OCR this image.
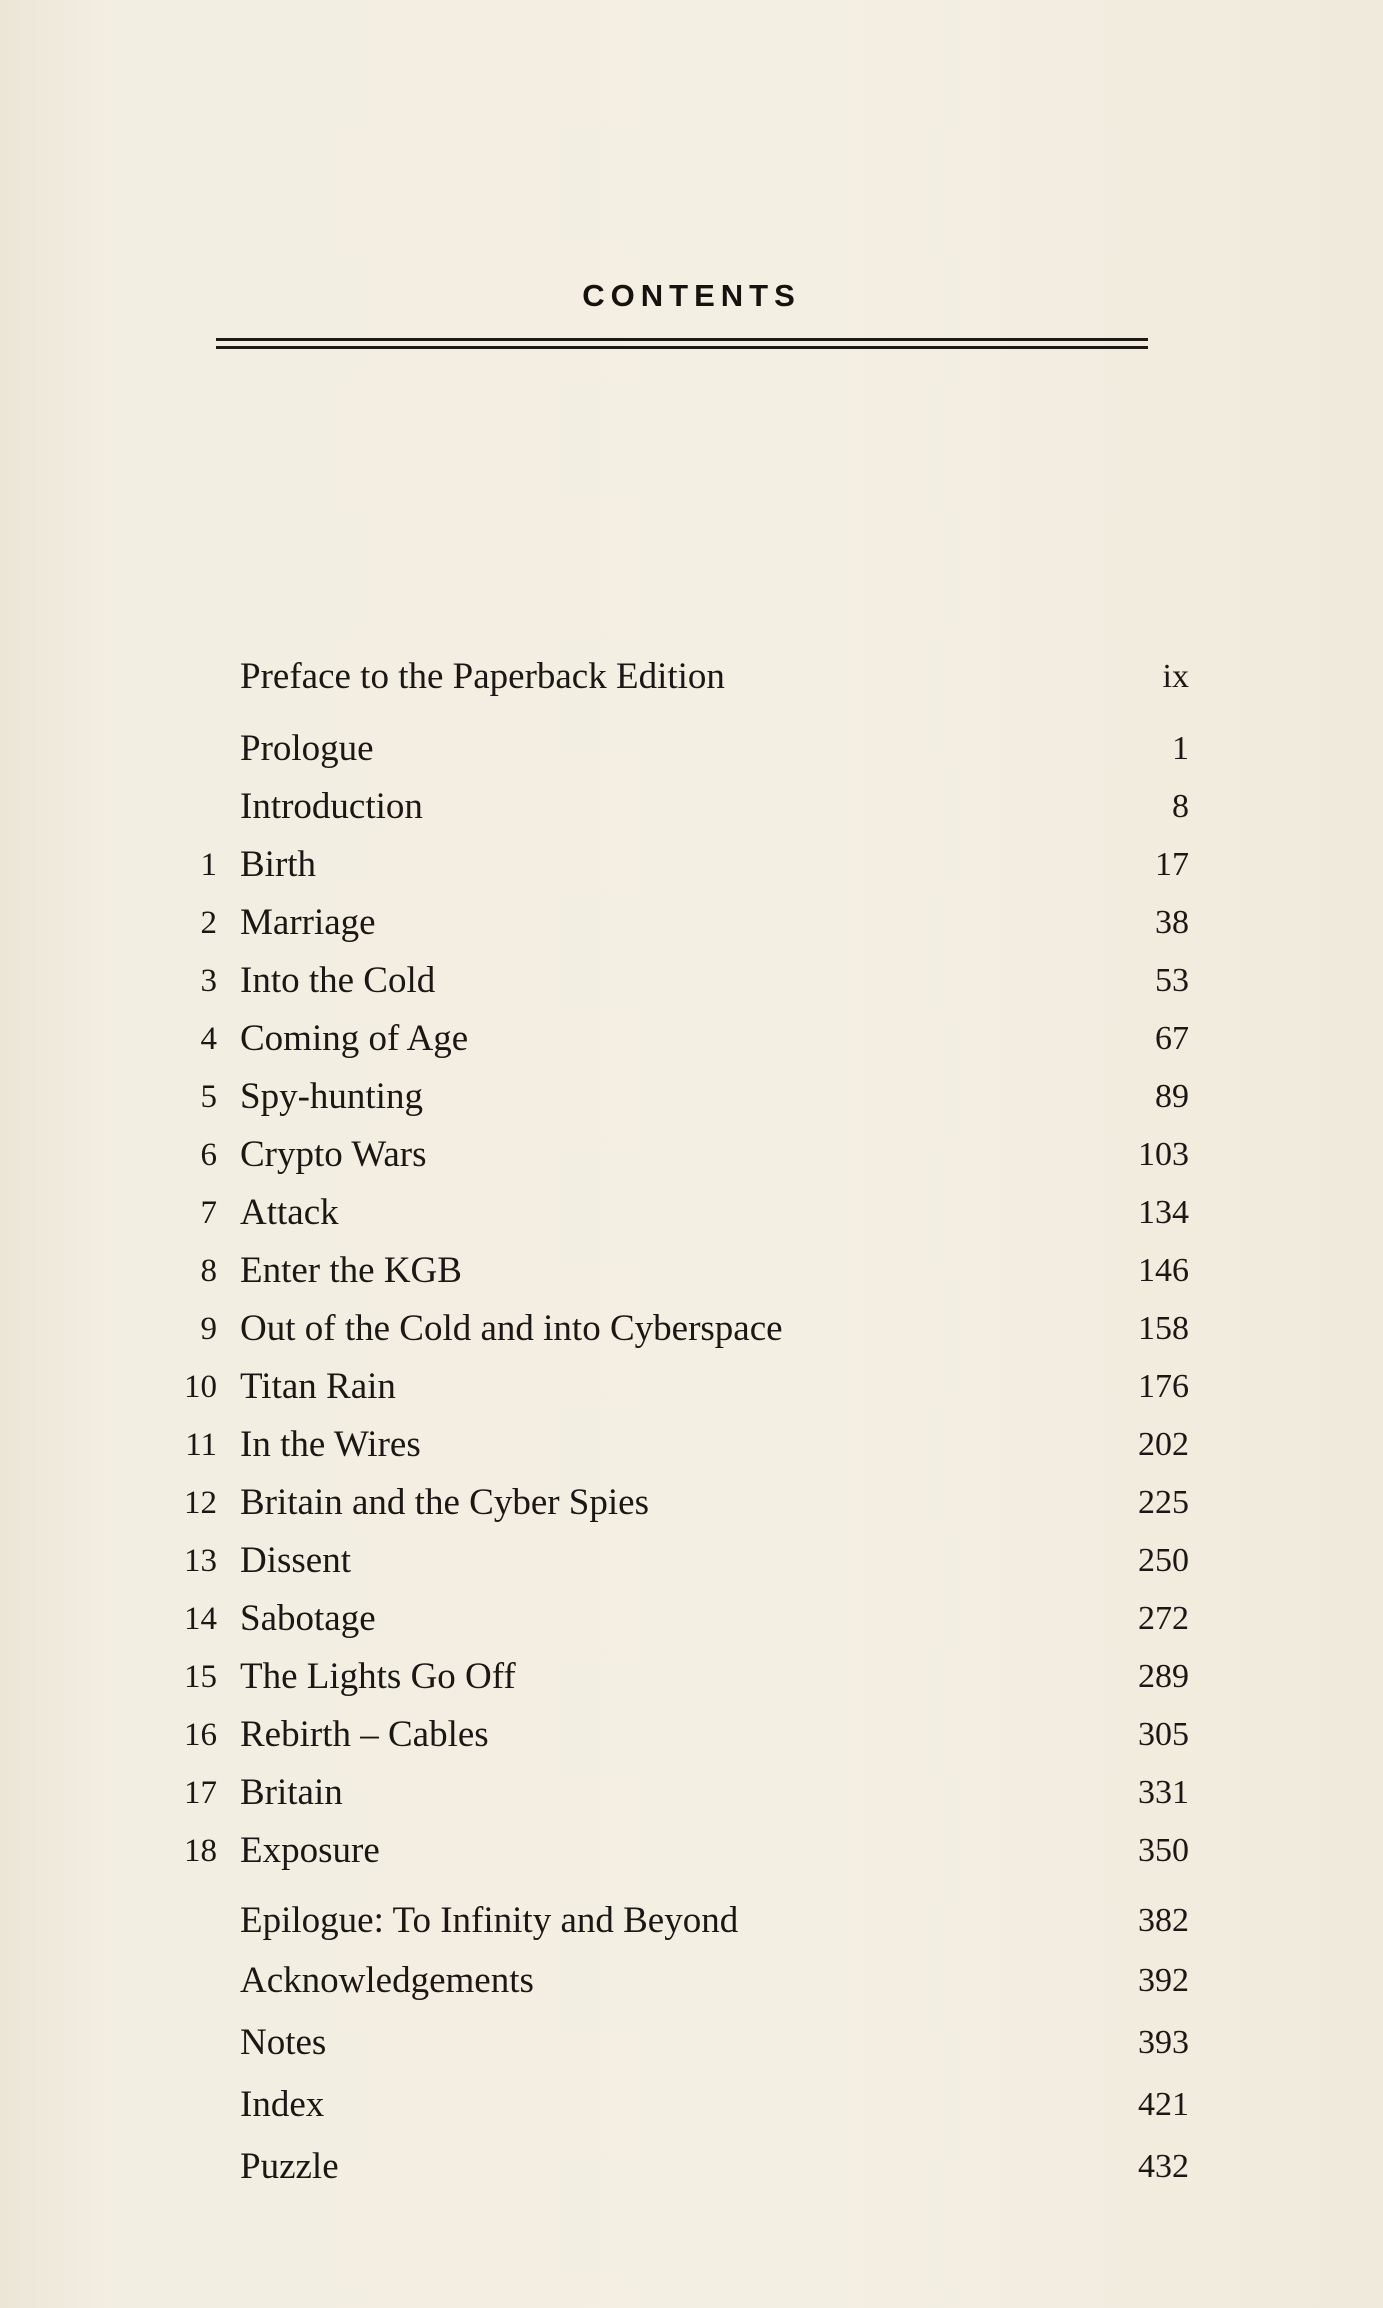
CONTENTS
Preface to the Paperback Edition	ix
Prologue	1
Introduction	8
1 Birth	17
2 Marriage	38
3 Into the Cold	53
4 Coming of Age	67
5 Spy-hunting	89
6 Crypto Wars	103
7 Attack	134
8 Enter the KGB	146
9 Out of the Cold and into Cyberspace	158
10 Titan Rain	176
11 In the Wires	202
12 Britain and the Cyber Spies	225
13 Dissent	250
14 Sabotage	272
15 The Lights Go Off	289
16 Rebirth – Cables	305
17 Britain	331
18 Exposure	350
Epilogue: To Infinity and Beyond	382
Acknowledgements	392
Notes	393
Index	421
Puzzle	432
